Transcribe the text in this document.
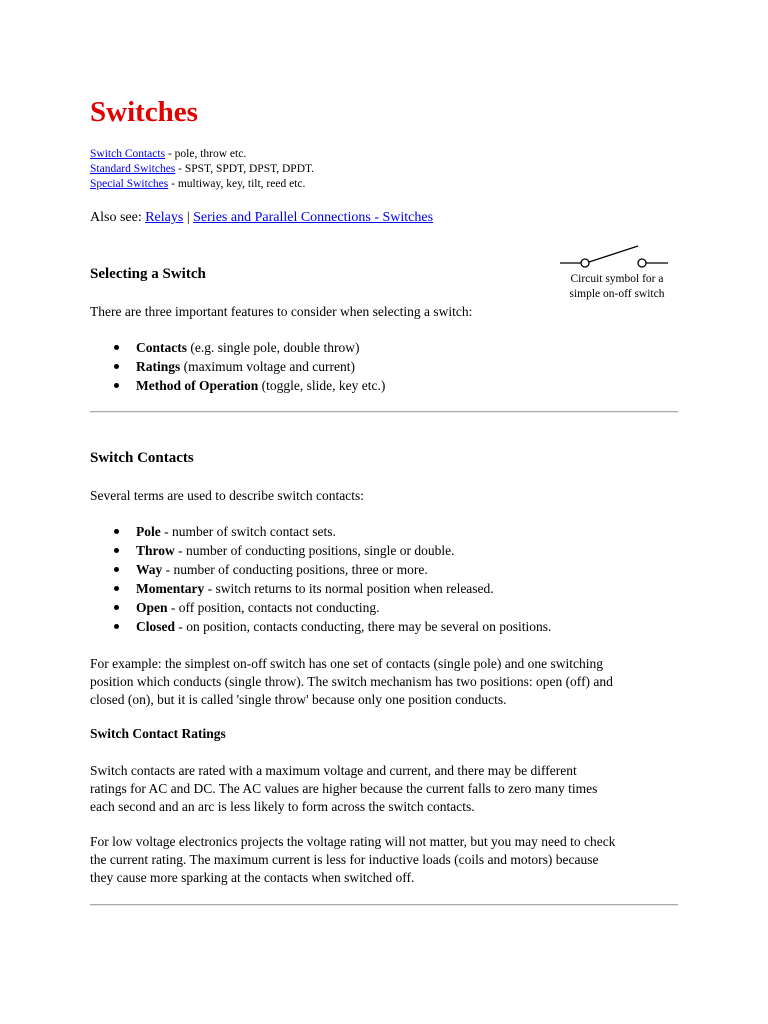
Switches
Switch Contacts - pole, throw etc.
Standard Switches - SPST, SPDT, DPST, DPDT.
Special Switches - multiway, key, tilt, reed etc.
Also see: Relays | Series and Parallel Connections - Switches
Selecting a Switch	Circuit symbol for a
simple on-off switch

There are three important features to consider when selecting a switch:

Contacts (e.g. single pole, double throw)
Ratings (maximum voltage and current)
Method of Operation (toggle, slide, key etc.)
Switch Contacts

Several terms are used to describe switch contacts:

Pole - number of switch contact sets.
Throw - number of conducting positions, single or double.
Way - number of conducting positions, three or more.
Momentary - switch returns to its normal position when released.
Open - off position, contacts not conducting.
Closed - on position, contacts conducting, there may be several on positions.

For example: the simplest on-off switch has one set of contacts (single pole) and one switching
position which conducts (single throw). The switch mechanism has two positions: open (off) and
closed (on), but it is called 'single throw' because only one position conducts.

Switch Contact Ratings

Switch contacts are rated with a maximum voltage and current, and there may be different
ratings for AC and DC. The AC values are higher because the current falls to zero many times
each second and an arc is less likely to form across the switch contacts.

For low voltage electronics projects the voltage rating will not matter, but you may need to check
the current rating. The maximum current is less for inductive loads (coils and motors) because
they cause more sparking at the contacts when switched off.
